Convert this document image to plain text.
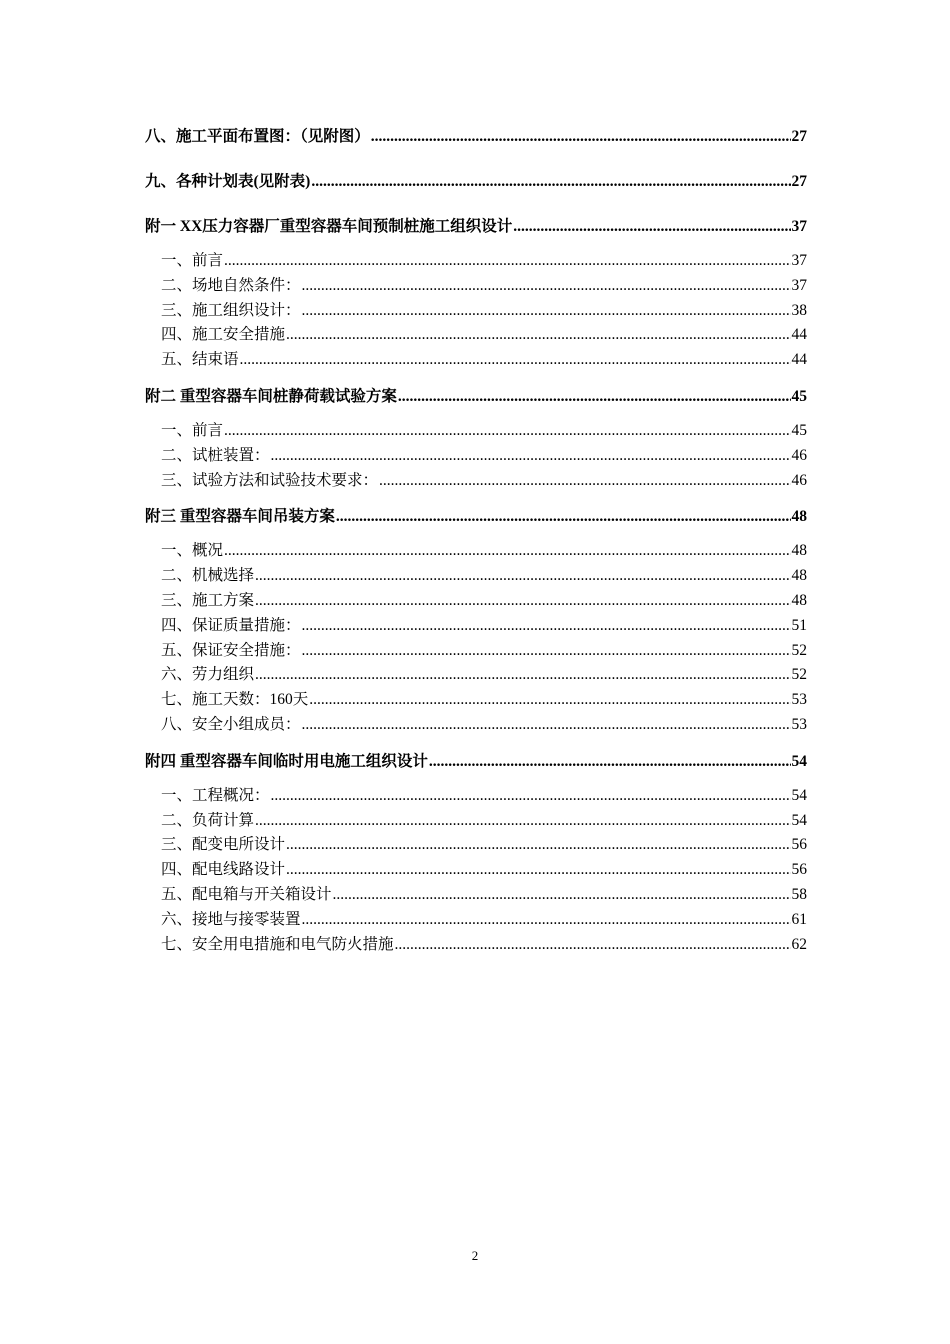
八、施工平面布置图：（见附图） .....	27
九、各种计划表(见附表) .....	27
附一 XX压力容器厂重型容器车间预制桩施工组织设计 .....	37
一、前言 .....	37
二、场地自然条件： .....	37
三、施工组织设计： .....	38
四、施工安全措施 .....	44
五、结束语 .....	44
附二 重型容器车间桩静荷载试验方案 .....	45
一、前言 .....	45
二、试桩装置： .....	46
三、试验方法和试验技术要求： .....	46
附三 重型容器车间吊装方案 .....	48
一、概况 .....	48
二、机械选择 .....	48
三、施工方案 .....	48
四、保证质量措施： .....	51
五、保证安全措施： .....	52
六、劳力组织 .....	52
七、施工天数：160天 .....	53
八、安全小组成员： .....	53
附四 重型容器车间临时用电施工组织设计 .....	54
一、工程概况： .....	54
二、负荷计算 .....	54
三、配变电所设计 .....	56
四、配电线路设计 .....	56
五、配电箱与开关箱设计 .....	58
六、接地与接零装置 .....	61
七、安全用电措施和电气防火措施 .....	62
2
